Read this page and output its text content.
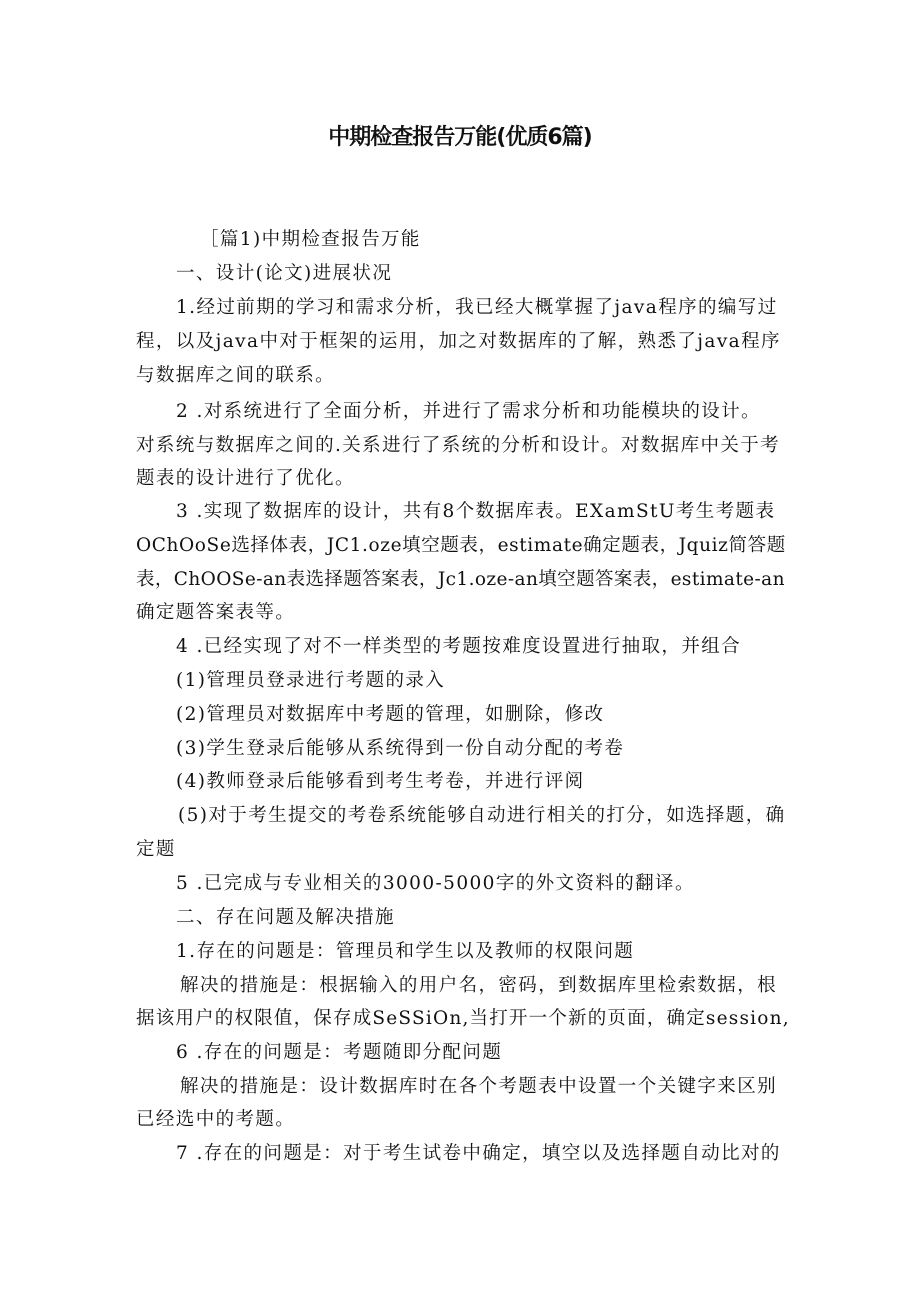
中期检查报告万能(优质6篇)

［篇1)中期检查报告万能

一、设计(论文)进展状况

1.经过前期的学习和需求分析，我已经大概掌握了java程序的编写过

程，以及java中对于框架的运用，加之对数据库的了解，熟悉了java程序

与数据库之间的联系。

2 .对系统进行了全面分析，并进行了需求分析和功能模块的设计。

对系统与数据库之间的.关系进行了系统的分析和设计。对数据库中关于考

题表的设计进行了优化。

3 .实现了数据库的设计，共有8个数据库表。EXamStU考生考题表

OChOoSe选择体表，JC1.oze填空题表，estimate确定题表，Jquiz简答题

表，ChOOSe-an表选择题答案表，Jc1.oze-an填空题答案表，estimate-an

确定题答案表等。

4 .已经实现了对不一样类型的考题按难度设置进行抽取，并组合

(1)管理员登录进行考题的录入

(2)管理员对数据库中考题的管理，如删除，修改

(3)学生登录后能够从系统得到一份自动分配的考卷

(4)教师登录后能够看到考生考卷，并进行评阅

(5)对于考生提交的考卷系统能够自动进行相关的打分，如选择题，确

定题

5 .已完成与专业相关的3000-5000字的外文资料的翻译。

二、存在问题及解决措施

1.存在的问题是：管理员和学生以及教师的权限问题

解决的措施是：根据输入的用户名，密码，到数据库里检索数据，根

据该用户的权限值，保存成SeSSiOn,当打开一个新的页面，确定session,

6 .存在的问题是：考题随即分配问题

解决的措施是：设计数据库时在各个考题表中设置一个关键字来区别

已经选中的考题。

7 .存在的问题是：对于考生试卷中确定，填空以及选择题自动比对的
